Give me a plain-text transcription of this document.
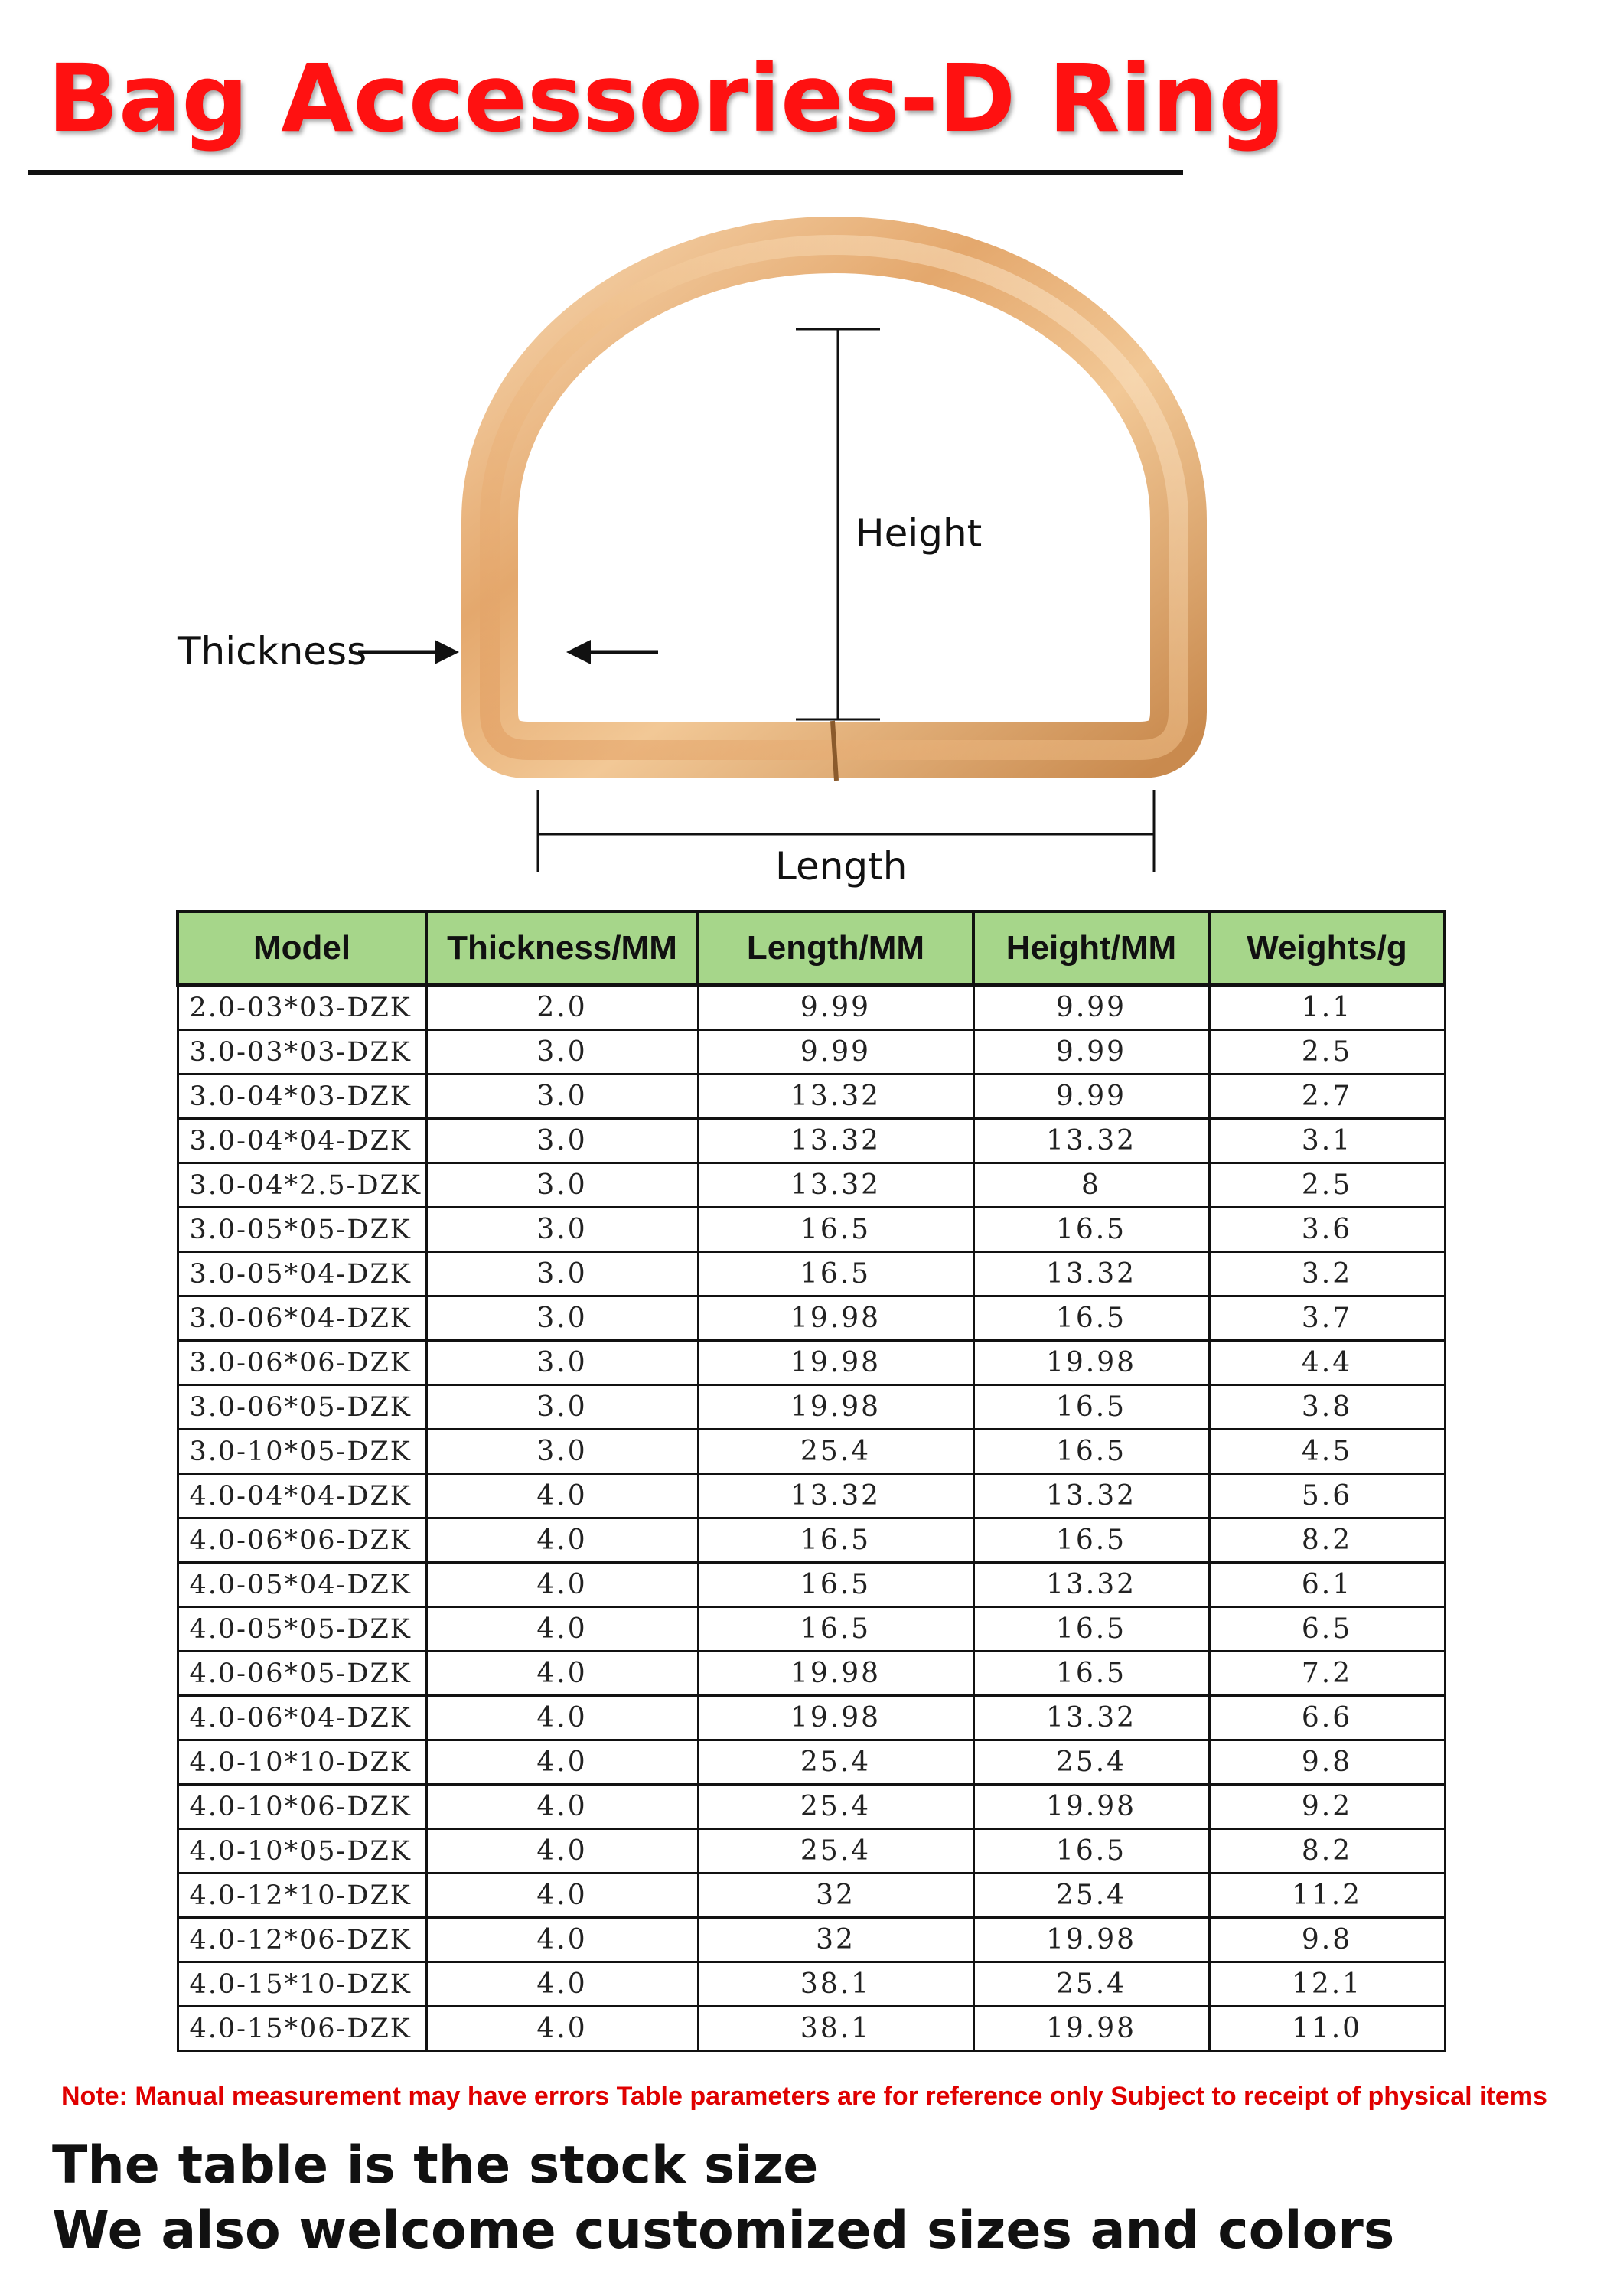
Bag Accessories-D Ring
Height
Thickness
Length
Model	Thickness/MM	Length/MM	Height/MM	Weights/g
2.0-03*03-DZK	2.0	9.99	9.99	1.1
3.0-03*03-DZK	3.0	9.99	9.99	2.5
3.0-04*03-DZK	3.0	13.32	9.99	2.7
3.0-04*04-DZK	3.0	13.32	13.32	3.1
3.0-04*2.5-DZK	3.0	13.32	8	2.5
3.0-05*05-DZK	3.0	16.5	16.5	3.6
3.0-05*04-DZK	3.0	16.5	13.32	3.2
3.0-06*04-DZK	3.0	19.98	16.5	3.7
3.0-06*06-DZK	3.0	19.98	19.98	4.4
3.0-06*05-DZK	3.0	19.98	16.5	3.8
3.0-10*05-DZK	3.0	25.4	16.5	4.5
4.0-04*04-DZK	4.0	13.32	13.32	5.6
4.0-06*06-DZK	4.0	16.5	16.5	8.2
4.0-05*04-DZK	4.0	16.5	13.32	6.1
4.0-05*05-DZK	4.0	16.5	16.5	6.5
4.0-06*05-DZK	4.0	19.98	16.5	7.2
4.0-06*04-DZK	4.0	19.98	13.32	6.6
4.0-10*10-DZK	4.0	25.4	25.4	9.8
4.0-10*06-DZK	4.0	25.4	19.98	9.2
4.0-10*05-DZK	4.0	25.4	16.5	8.2
4.0-12*10-DZK	4.0	32	25.4	11.2
4.0-12*06-DZK	4.0	32	19.98	9.8
4.0-15*10-DZK	4.0	38.1	25.4	12.1
4.0-15*06-DZK	4.0	38.1	19.98	11.0
Note: Manual measurement may have errors Table parameters are for reference only Subject to receipt of physical items
The table is the stock size
We also welcome customized sizes and colors
